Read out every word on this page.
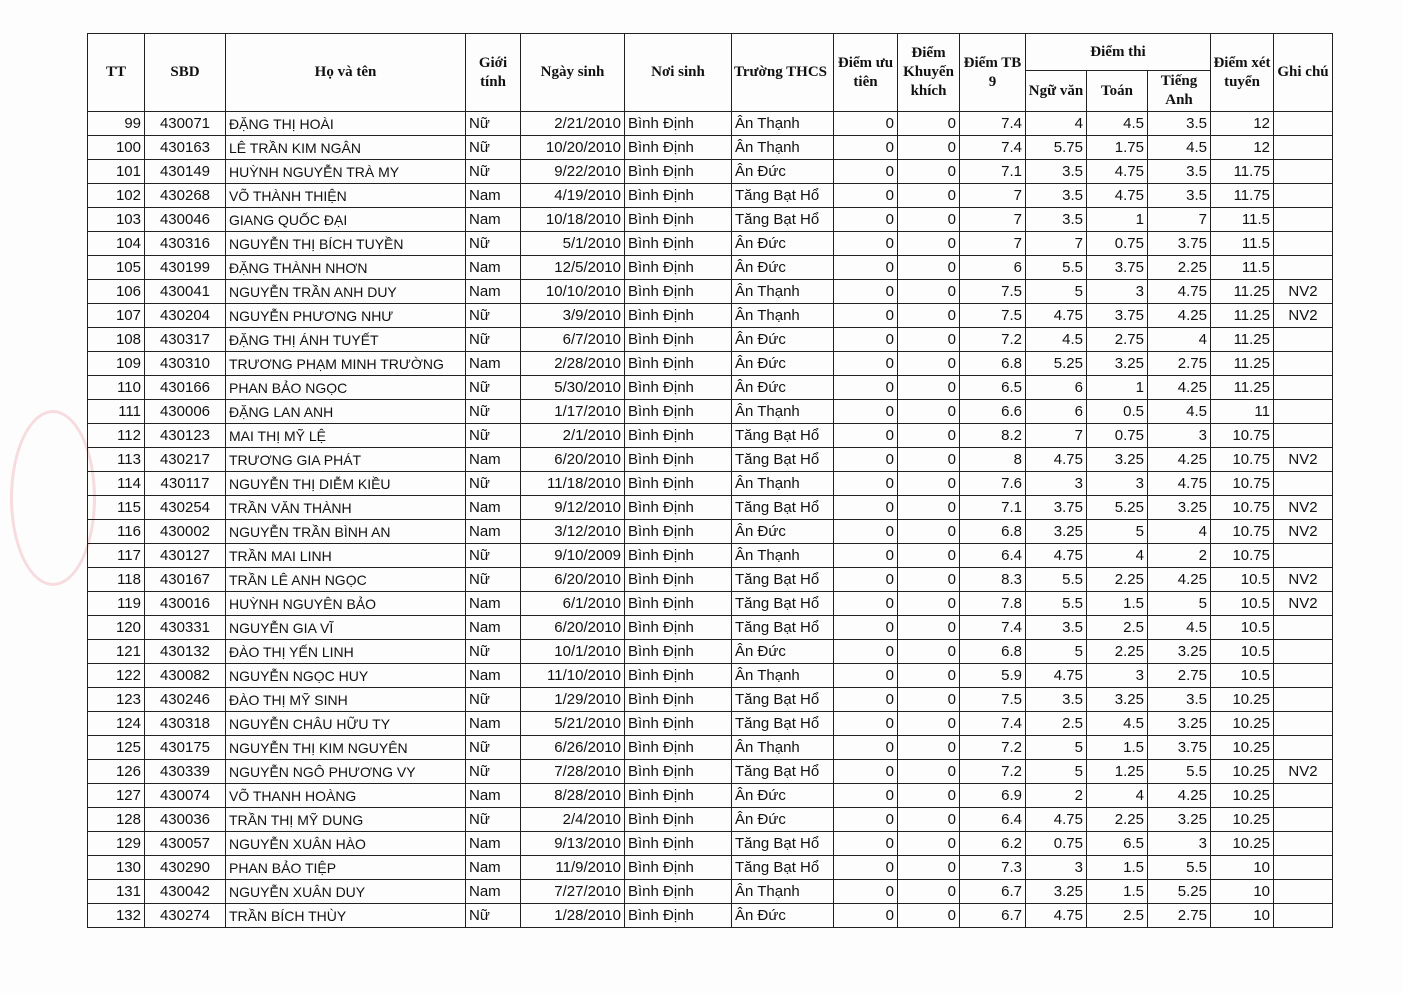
TT	SBD	Họ và tên	Giới tính	Ngày sinh	Nơi sinh	Trường THCS	Điểm ưu tiên	Điểm Khuyến khích	Điểm TB 9	Điểm thi			Điểm xét tuyển	Ghi chú
										Ngữ văn	Toán	Tiếng Anh		
99	430071	ĐẶNG THỊ HOÀI	Nữ	2/21/2010	Bình Định	Ân Thạnh	0	0	7.4	4	4.5	3.5	12	
100	430163	LÊ TRẦN KIM NGÂN	Nữ	10/20/2010	Bình Định	Ân Thạnh	0	0	7.4	5.75	1.75	4.5	12	
101	430149	HUỲNH NGUYỄN TRÀ MY	Nữ	9/22/2010	Bình Định	Ân Đức	0	0	7.1	3.5	4.75	3.5	11.75	
102	430268	VÕ THÀNH THIỆN	Nam	4/19/2010	Bình Định	Tăng Bạt Hổ	0	0	7	3.5	4.75	3.5	11.75	
103	430046	GIANG QUỐC ĐẠI	Nam	10/18/2010	Bình Định	Tăng Bạt Hổ	0	0	7	3.5	1	7	11.5	
104	430316	NGUYỄN THỊ BÍCH TUYỀN	Nữ	5/1/2010	Bình Định	Ân Đức	0	0	7	7	0.75	3.75	11.5	
105	430199	ĐẶNG THÀNH NHƠN	Nam	12/5/2010	Bình Định	Ân Đức	0	0	6	5.5	3.75	2.25	11.5	
106	430041	NGUYỄN TRẦN ANH DUY	Nam	10/10/2010	Bình Định	Ân Thạnh	0	0	7.5	5	3	4.75	11.25	NV2
107	430204	NGUYỄN PHƯƠNG NHƯ	Nữ	3/9/2010	Bình Định	Ân Thạnh	0	0	7.5	4.75	3.75	4.25	11.25	NV2
108	430317	ĐẶNG THỊ ÁNH TUYẾT	Nữ	6/7/2010	Bình Định	Ân Đức	0	0	7.2	4.5	2.75	4	11.25	
109	430310	TRƯƠNG PHẠM MINH TRƯỜNG	Nam	2/28/2010	Bình Định	Ân Đức	0	0	6.8	5.25	3.25	2.75	11.25	
110	430166	PHAN BẢO NGỌC	Nữ	5/30/2010	Bình Định	Ân Đức	0	0	6.5	6	1	4.25	11.25	
111	430006	ĐẶNG LAN ANH	Nữ	1/17/2010	Bình Định	Ân Thạnh	0	0	6.6	6	0.5	4.5	11	
112	430123	MAI THỊ MỸ LỆ	Nữ	2/1/2010	Bình Định	Tăng Bạt Hổ	0	0	8.2	7	0.75	3	10.75	
113	430217	TRƯƠNG GIA PHÁT	Nam	6/20/2010	Bình Định	Tăng Bạt Hổ	0	0	8	4.75	3.25	4.25	10.75	NV2
114	430117	NGUYỄN THỊ DIỄM KIỀU	Nữ	11/18/2010	Bình Định	Ân Thạnh	0	0	7.6	3	3	4.75	10.75	
115	430254	TRẦN VĂN THÀNH	Nam	9/12/2010	Bình Định	Tăng Bạt Hổ	0	0	7.1	3.75	5.25	3.25	10.75	NV2
116	430002	NGUYỄN TRẦN BÌNH AN	Nam	3/12/2010	Bình Định	Ân Đức	0	0	6.8	3.25	5	4	10.75	NV2
117	430127	TRẦN MAI LINH	Nữ	9/10/2009	Bình Định	Ân Thạnh	0	0	6.4	4.75	4	2	10.75	
118	430167	TRẦN LÊ ANH NGỌC	Nữ	6/20/2010	Bình Định	Tăng Bạt Hổ	0	0	8.3	5.5	2.25	4.25	10.5	NV2
119	430016	HUỲNH NGUYÊN BẢO	Nam	6/1/2010	Bình Định	Tăng Bạt Hổ	0	0	7.8	5.5	1.5	5	10.5	NV2
120	430331	NGUYỄN GIA VĨ	Nam	6/20/2010	Bình Định	Tăng Bạt Hổ	0	0	7.4	3.5	2.5	4.5	10.5	
121	430132	ĐÀO THỊ YẾN LINH	Nữ	10/1/2010	Bình Định	Ân Đức	0	0	6.8	5	2.25	3.25	10.5	
122	430082	NGUYỄN NGỌC HUY	Nam	11/10/2010	Bình Định	Ân Thạnh	0	0	5.9	4.75	3	2.75	10.5	
123	430246	ĐÀO THỊ MỸ SINH	Nữ	1/29/2010	Bình Định	Tăng Bạt Hổ	0	0	7.5	3.5	3.25	3.5	10.25	
124	430318	NGUYỄN CHÂU HỮU TY	Nam	5/21/2010	Bình Định	Tăng Bạt Hổ	0	0	7.4	2.5	4.5	3.25	10.25	
125	430175	NGUYỄN THỊ KIM NGUYÊN	Nữ	6/26/2010	Bình Định	Ân Thạnh	0	0	7.2	5	1.5	3.75	10.25	
126	430339	NGUYỄN NGÔ PHƯƠNG VY	Nữ	7/28/2010	Bình Định	Tăng Bạt Hổ	0	0	7.2	5	1.25	5.5	10.25	NV2
127	430074	VÕ THANH HOÀNG	Nam	8/28/2010	Bình Định	Ân Đức	0	0	6.9	2	4	4.25	10.25	
128	430036	TRẦN THỊ MỸ DUNG	Nữ	2/4/2010	Bình Định	Ân Đức	0	0	6.4	4.75	2.25	3.25	10.25	
129	430057	NGUYỄN XUÂN HÀO	Nam	9/13/2010	Bình Định	Tăng Bạt Hổ	0	0	6.2	0.75	6.5	3	10.25	
130	430290	PHAN BẢO TIỆP	Nam	11/9/2010	Bình Định	Tăng Bạt Hổ	0	0	7.3	3	1.5	5.5	10	
131	430042	NGUYỄN XUÂN DUY	Nam	7/27/2010	Bình Định	Ân Thạnh	0	0	6.7	3.25	1.5	5.25	10	
132	430274	TRẦN BÍCH THÙY	Nữ	1/28/2010	Bình Định	Ân Đức	0	0	6.7	4.75	2.5	2.75	10	
